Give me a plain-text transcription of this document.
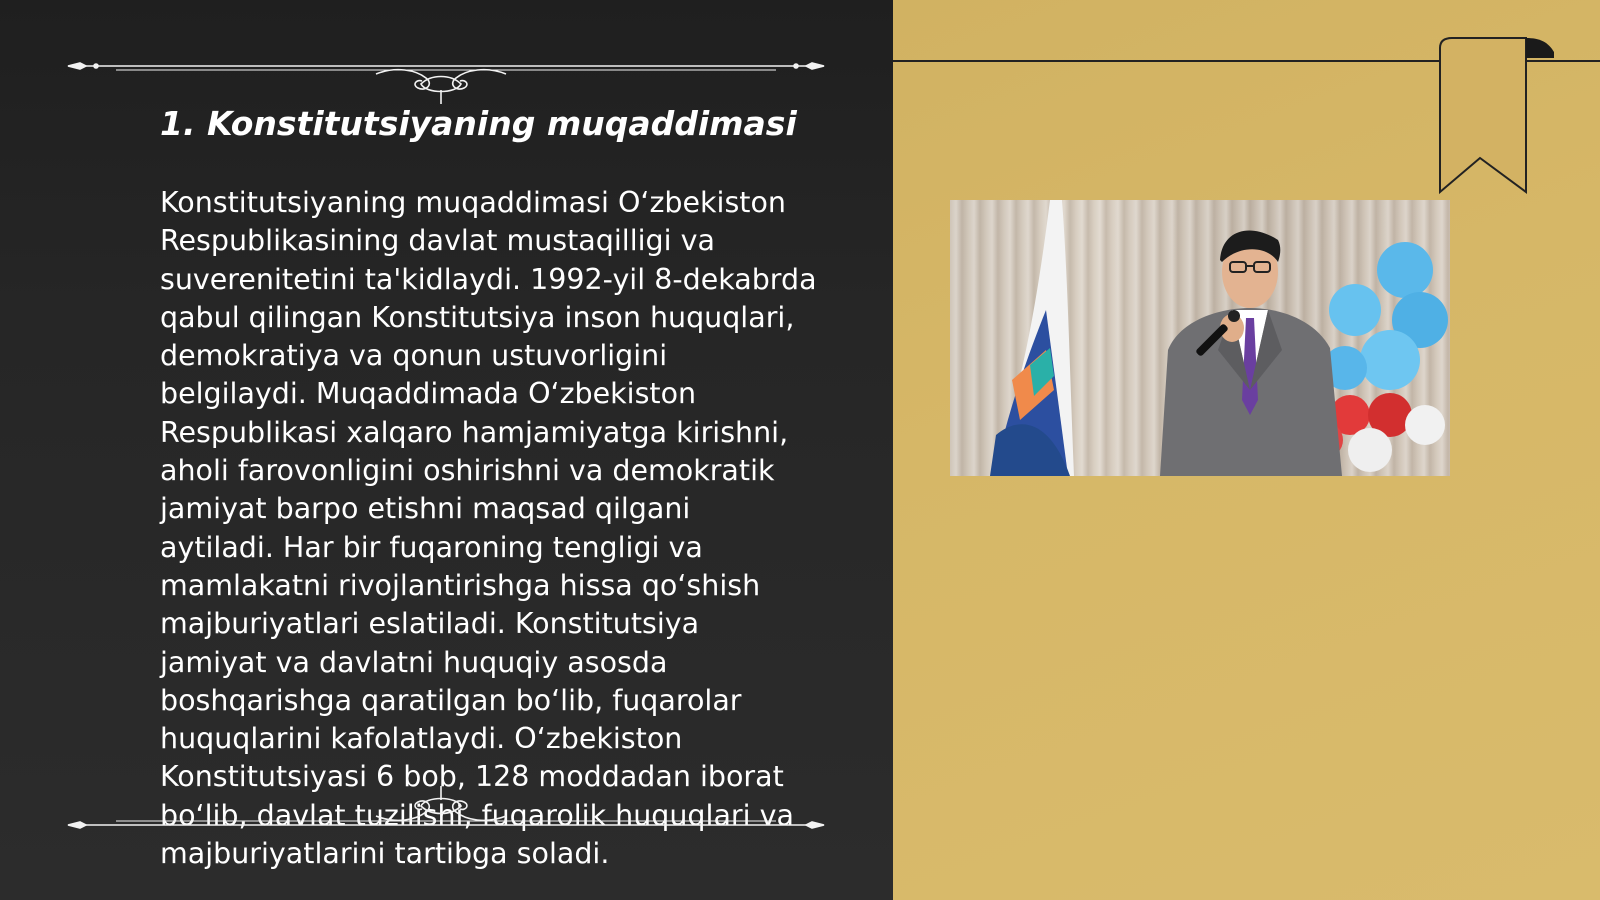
1. Konstitutsiyaning muqaddimasi

Konstitutsiyaning muqaddimasi O‘zbekiston
Respublikasining davlat mustaqilligi va
suverenitetini ta'kidlaydi. 1992-yil 8-dekabrda
qabul qilingan Konstitutsiya inson huquqlari,
demokratiya va qonun ustuvorligini
belgilaydi. Muqaddimada O‘zbekiston
Respublikasi xalqaro hamjamiyatga kirishni,
aholi farovonligini oshirishni va demokratik
jamiyat barpo etishni maqsad qilgani
aytiladi. Har bir fuqaroning tengligi va
mamlakatni rivojlantirishga hissa qo‘shish
majburiyatlari eslatiladi. Konstitutsiya
jamiyat va davlatni huquqiy asosda
boshqarishga qaratilgan bo‘lib, fuqarolar
huquqlarini kafolatlaydi. O‘zbekiston
Konstitutsiyasi 6 bob, 128 moddadan iborat
bo‘lib, davlat tuzilishi, fuqarolik huquqlari va
majburiyatlarini tartibga soladi.
